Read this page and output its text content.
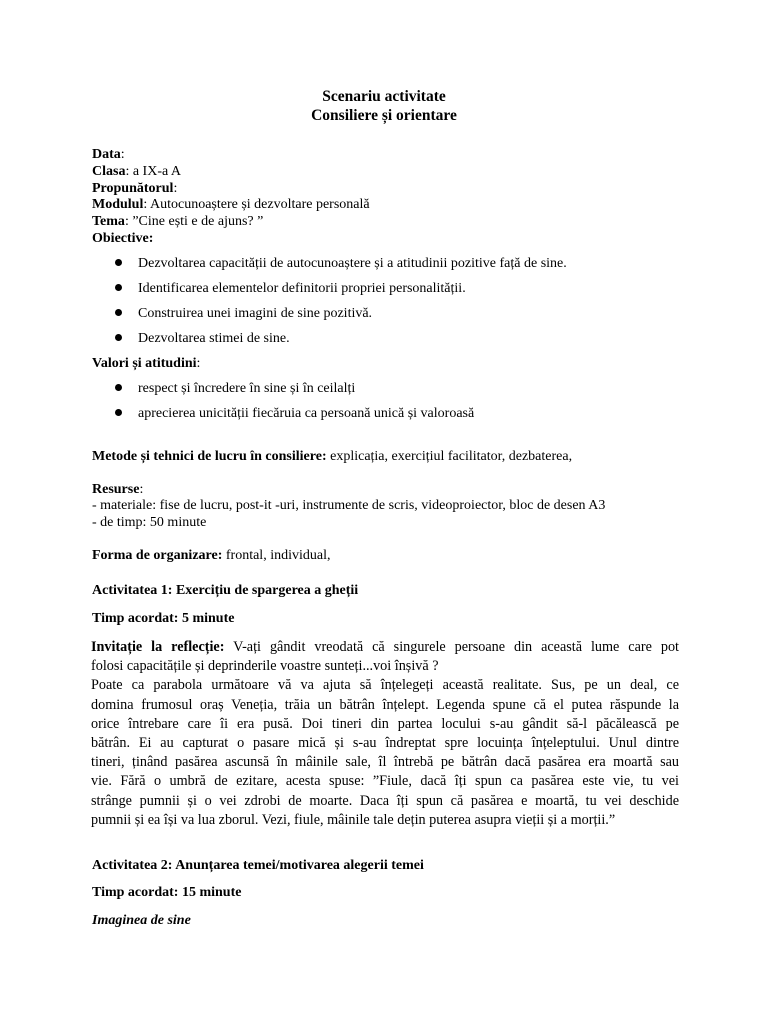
Scenariu activitate
Consiliere și orientare
Data:
Clasa: a IX-a A
Propunătorul:
Modulul: Autocunoaștere și dezvoltare personală
Tema: ”Cine ești e de ajuns? ”
Obiective:
Dezvoltarea capacității de autocunoaștere și a atitudinii pozitive față de sine.
Identificarea elementelor definitorii propriei personalității.
Construirea unei imagini de sine pozitivă.
Dezvoltarea stimei de sine.
Valori și atitudini:
respect și încredere în sine și în ceilalți
aprecierea unicității fiecăruia ca persoană unică și valoroasă
Metode și tehnici de lucru în consiliere: explicația, exercițiul facilitator, dezbaterea,
Resurse:
- materiale: fise de lucru, post-it -uri, instrumente de scris, videoproiector, bloc de desen A3
- de timp: 50 minute
Forma de organizare: frontal, individual,
Activitatea 1: Exercițiu de spargerea a gheții
Timp acordat: 5 minute
Invitație la reflecție: V-ați gândit vreodată că singurele persoane din această lume care pot
folosi capacitățile și deprinderile voastre sunteți...voi înșivă ?
Poate ca parabola următoare vă va ajuta să înțelegeți această realitate. Sus, pe un deal, ce
domina frumosul oraș Veneția, trăia un bătrân înțelept. Legenda spune că el putea răspunde la
orice întrebare care îi era pusă. Doi tineri din partea locului s-au gândit să-l păcălească pe
bătrân. Ei au capturat o pasare mică și s-au îndreptat spre locuința înțeleptului. Unul dintre
tineri, ținând pasărea ascunsă în mâinile sale, îl întrebă pe bătrân dacă pasărea era moartă sau
vie. Fără o umbră de ezitare, acesta spuse: ”Fiule, dacă îți spun ca pasărea este vie, tu vei
strânge pumnii și o vei zdrobi de moarte. Daca îți spun că pasărea e moartă, tu vei deschide
pumnii și ea își va lua zborul. Vezi, fiule, mâinile tale dețin puterea asupra vieții și a morții.”
Activitatea 2: Anunțarea temei/motivarea alegerii temei
Timp acordat: 15 minute
Imaginea de sine
